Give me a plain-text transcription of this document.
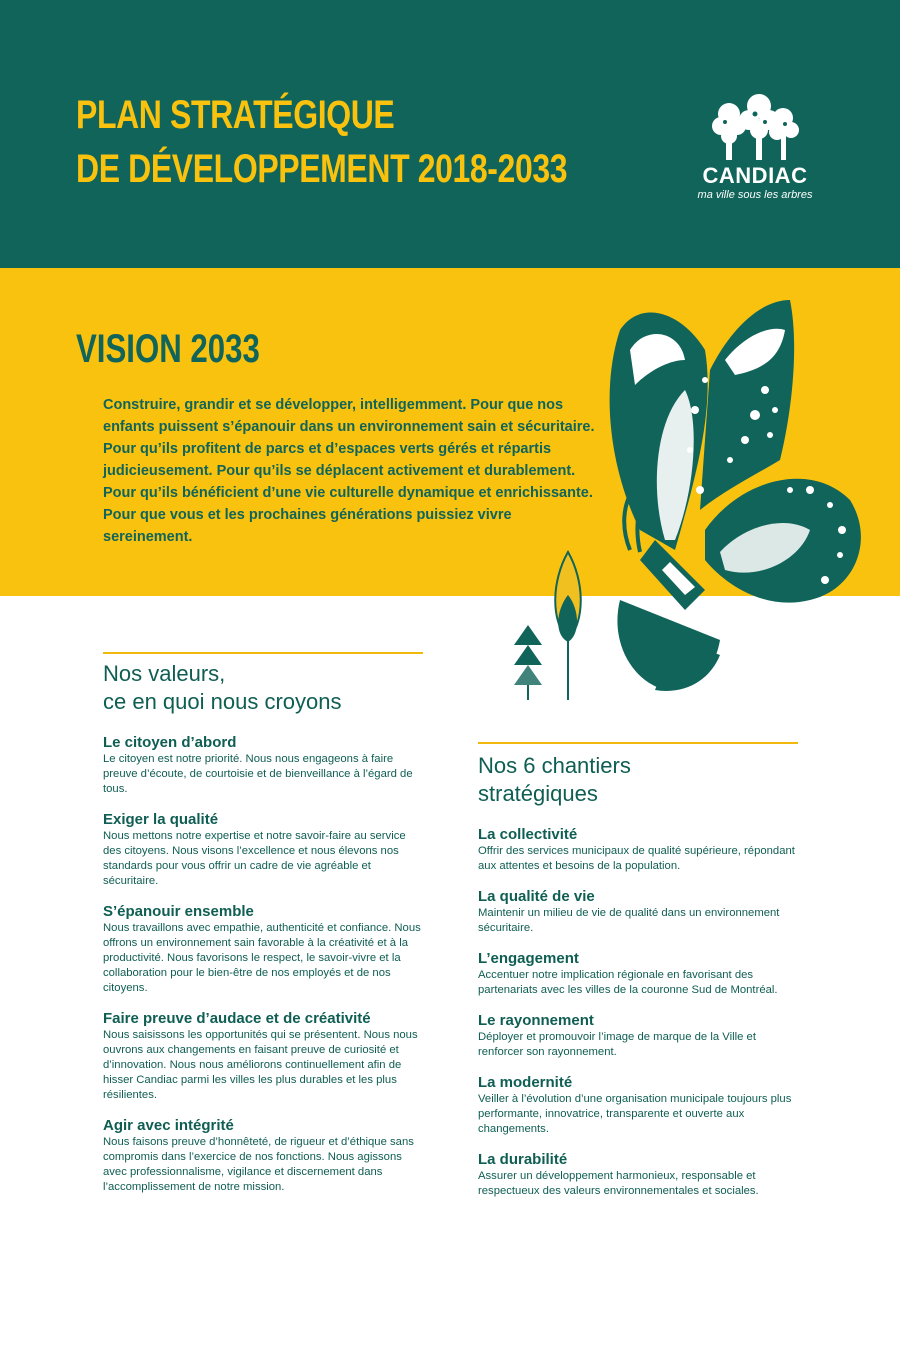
PLAN STRATÉGIQUE
DE DÉVELOPPEMENT 2018-2033	CANDIAC
ma ville sous les arbres
VISION 2033

Construire, grandir et se développer, intelligemment. Pour que nos enfants puissent s’épanouir dans un environnement sain et sécuritaire. Pour qu’ils profitent de parcs et d’espaces verts gérés et répartis judicieusement. Pour qu’ils se déplacent activement et durablement. Pour qu’ils bénéficient d’une vie culturelle dynamique et enrichissante. Pour que vous et les prochaines générations puissiez vivre sereinement.

Nos valeurs,
ce en quoi nous croyons

Le citoyen d’abord

Le citoyen est notre priorité. Nous nous engageons à faire preuve d’écoute, de courtoisie et de bienveillance à l’égard de tous.

Exiger la qualité

Nous mettons notre expertise et notre savoir-faire au service des citoyens. Nous visons l’excellence et nous élevons nos standards pour vous offrir un cadre de vie agréable et sécuritaire.

S’épanouir ensemble

Nous travaillons avec empathie, authenticité et confiance. Nous offrons un environnement sain favorable à la créativité et à la productivité. Nous favorisons le respect, le savoir-vivre et la collaboration pour le bien-être de nos employés et de nos citoyens.

Faire preuve d’audace et de créativité

Nous saisissons les opportunités qui se présentent. Nous nous ouvrons aux changements en faisant preuve de curiosité et d’innovation. Nous nous améliorons continuellement afin de hisser Candiac parmi les villes les plus durables et les plus résilientes.

Agir avec intégrité

Nous faisons preuve d’honnêteté, de rigueur et d’éthique sans compromis dans l’exercice de nos fonctions. Nous agissons avec professionnalisme, vigilance et discernement dans l’accomplissement de notre mission.

Nos 6 chantiers
stratégiques

La collectivité

Offrir des services municipaux de qualité supérieure, répondant aux attentes et besoins de la population.

La qualité de vie

Maintenir un milieu de vie de qualité dans un environnement sécuritaire.

L’engagement

Accentuer notre implication régionale en favorisant des partenariats avec les villes de la couronne Sud de Montréal.

Le rayonnement

Déployer et promouvoir l’image de marque de la Ville et renforcer son rayonnement.

La modernité

Veiller à l’évolution d’une organisation municipale toujours plus performante, innovatrice, transparente et ouverte aux changements.

La durabilité

Assurer un développement harmonieux, responsable et respectueux des valeurs environnementales et sociales.
